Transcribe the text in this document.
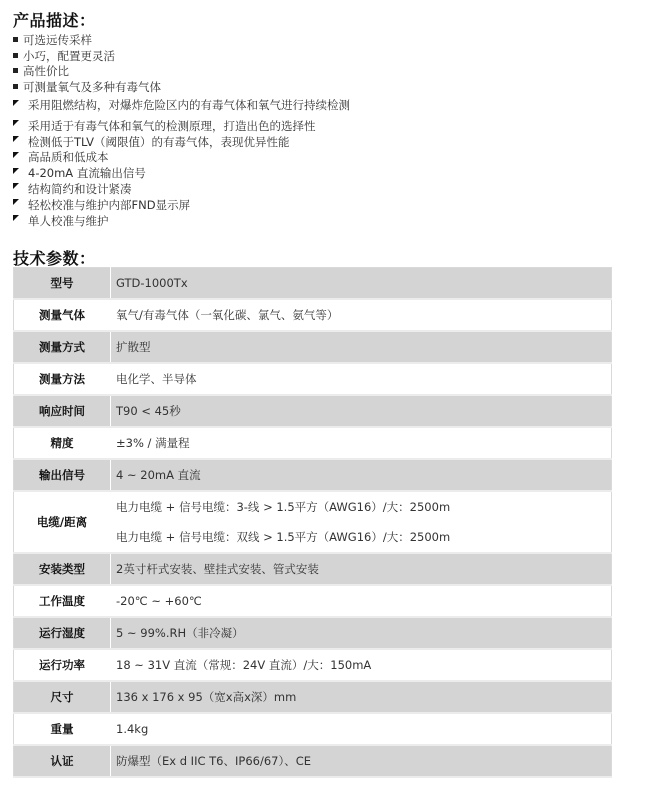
产品描述：
可选远传采样
小巧，配置更灵活
高性价比
可测量氧气及多种有毒气体
采用阻燃结构，对爆炸危险区内的有毒气体和氧气进行持续检测
采用适于有毒气体和氧气的检测原理，打造出色的选择性
检测低于TLV（阈限值）的有毒气体，表现优异性能
高品质和低成本
4-20mA 直流输出信号
结构简约和设计紧凑
轻松校准与维护内部FND显示屏
单人校准与维护
技术参数：
型号	GTD-1000Tx
测量气体	氧气/有毒气体（一氧化碳、氯气、氨气等）
测量方式	扩散型
测量方法	电化学、半导体
响应时间	T90 < 45秒
精度	±3% / 满量程
输出信号	4 ~ 20mA 直流
电缆/距离	电力电缆 + 信号电缆：3-线 > 1.5平方（AWG16）/大：2500m
电力电缆 + 信号电缆：双线 > 1.5平方（AWG16）/大：2500m

安装类型	2英寸杆式安装、壁挂式安装、管式安装
工作温度	-20℃ ~ +60℃
运行湿度	5 ~ 99%.RH（非冷凝）
运行功率	18 ~ 31V 直流（常规：24V 直流）/大：150mA
尺寸	136 x 176 x 95（宽x高x深）mm
重量	1.4kg
认证	防爆型（Ex d IIC T6、IP66/67）、CE
